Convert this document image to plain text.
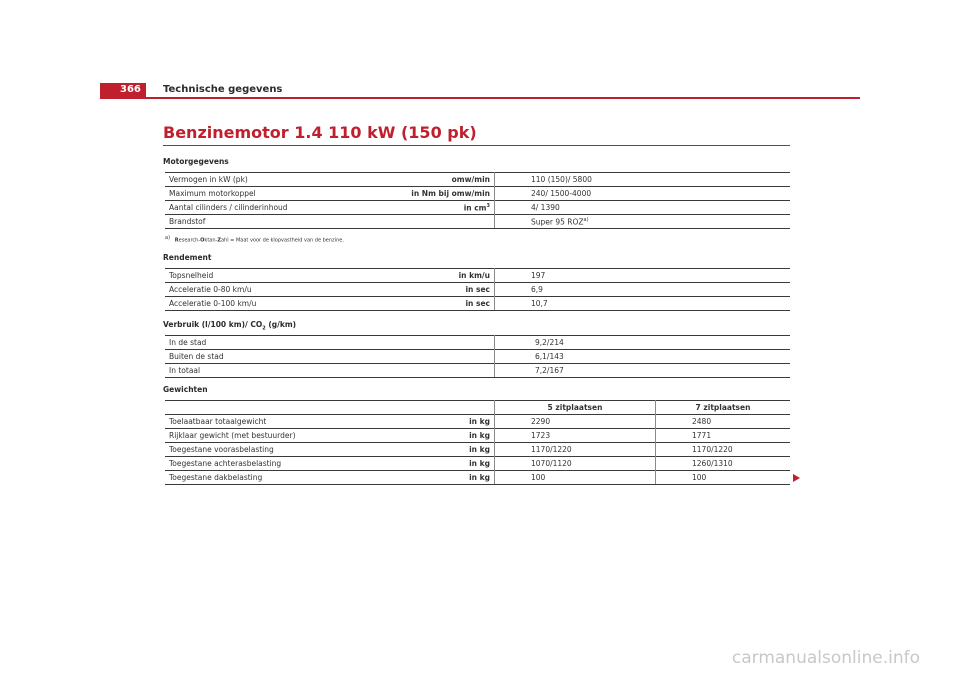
366	Technische gegevens
Benzinemotor 1.4 110 kW (150 pk)
Motorgegevens
Vermogen in kW (pk)	omw/min	110 (150)/ 5800
Maximum motorkoppel	in Nm bij omw/min	240/ 1500-4000
Aantal cilinders / cilinderinhoud	in $cm^3$	4/ 1390
Brandstof		Super 95 ROZ$^{a)}$
$^{a)}$ Research-Oktan-Zahl = Maat voor de klopvastheid van de benzine.
Rendement
Topsnelheid	in km/u	197
Acceleratie 0-80 km/u	in sec	6,9
Acceleratie 0-100 km/u	in sec	10,7
Verbruik (l/100 km)/ $CO_2$ (g/km)
In de stad		9,2/214
Buiten de stad		6,1/143
In totaal		7,2/167
Gewichten
		5 zitplaatsen	7 zitplaatsen
Toelaatbaar totaalgewicht	in kg	2290	2480
Rijklaar gewicht (met bestuurder)	in kg	1723	1771
Toegestane voorasbelasting	in kg	1170/1220	1170/1220
Toegestane achterasbelasting	in kg	1070/1120	1260/1310
Toegestane dakbelasting	in kg	100	100
carmanualsonline.info
